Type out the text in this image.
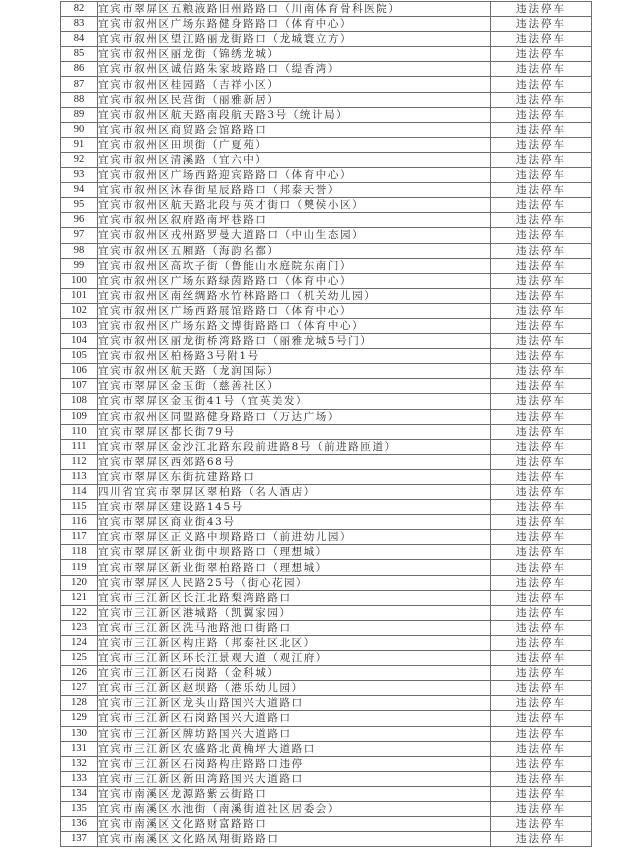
82	宜宾市翠屏区五粮液路旧州路路口（川南体育骨科医院）	违法停车
83	宜宾市叙州区广场东路健身路路口（体育中心）	违法停车
84	宜宾市叙州区望江路丽龙街路口（龙城寰立方）	违法停车
85	宜宾市叙州区丽龙街（锦绣龙城）	违法停车
86	宜宾市叙州区诚信路朱家坡路路口（缇香湾）	违法停车
87	宜宾市叙州区桂园路（吉祥小区）	违法停车
88	宜宾市叙州区民营街（丽雅新居）	违法停车
89	宜宾市叙州区航天路南段航天路3号（统计局）	违法停车
90	宜宾市叙州区商贸路会馆路路口	违法停车
91	宜宾市叙州区田坝街（广夏苑）	违法停车
92	宜宾市叙州区清溪路（宜六中）	违法停车
93	宜宾市叙州区广场西路迎宾路路口（体育中心）	违法停车
94	宜宾市叙州区沐春街星辰路路口（邦泰天誉）	违法停车
95	宜宾市叙州区航天路北段与英才街口（僰侯小区）	违法停车
96	宜宾市叙州区叙府路南坪巷路口	违法停车
97	宜宾市叙州区戎州路罗曼大道路口（中山生态园）	违法停车
98	宜宾市叙州区五厢路（海韵名都）	违法停车
99	宜宾市叙州区高坎子街（鲁能山水庭院东南门）	违法停车
100	宜宾市叙州区广场东路绿茵路路口（体育中心）	违法停车
101	宜宾市叙州区南丝绸路水竹林路路口（机关幼儿园）	违法停车
102	宜宾市叙州区广场西路展馆路路口（体育中心）	违法停车
103	宜宾市叙州区广场东路文博街路路口（体育中心）	违法停车
104	宜宾市叙州区丽龙街桥湾路路口（丽雅龙城5号门）	违法停车
105	宜宾市叙州区柏杨路3号附1号	违法停车
106	宜宾市叙州区航天路（龙润国际）	违法停车
107	宜宾市翠屏区金玉街（慈善社区）	违法停车
108	宜宾市翠屏区金玉街41号（宜英美发）	违法停车
109	宜宾市叙州区同盟路健身路路口（万达广场）	违法停车
110	宜宾市翠屏区都长街79号	违法停车
111	宜宾市翠屏区金沙江北路东段前进路8号（前进路匝道）	违法停车
112	宜宾市翠屏区西郊路68号	违法停车
113	宜宾市翠屏区东街抗建路路口	违法停车
114	四川省宜宾市翠屏区翠柏路（名人酒店）	违法停车
115	宜宾市翠屏区建设路145号	违法停车
116	宜宾市翠屏区商业街43号	违法停车
117	宜宾市翠屏区正义路中坝路路口（前进幼儿园）	违法停车
118	宜宾市翠屏区新业街中坝路路口（理想城）	违法停车
119	宜宾市翠屏区新业街翠柏路路口（理想城）	违法停车
120	宜宾市翠屏区人民路25号（街心花园）	违法停车
121	宜宾市三江新区长江北路梨湾路路口	违法停车
122	宜宾市三江新区港城路（凯翼家园）	违法停车
123	宜宾市三江新区洗马池路池口街路口	违法停车
124	宜宾市三江新区构庄路（邦泰社区北区）	违法停车
125	宜宾市三江新区环长江景观大道（观江府）	违法停车
126	宜宾市三江新区石岗路（金科城）	违法停车
127	宜宾市三江新区赵坝路（港乐幼儿园）	违法停车
128	宜宾市三江新区龙头山路国兴大道路口	违法停车
129	宜宾市三江新区石岗路国兴大道路口	违法停车
130	宜宾市三江新区牌坊路国兴大道路口	违法停车
131	宜宾市三江新区农盛路北黄桷坪大道路口	违法停车
132	宜宾市三江新区石岗路构庄路路口违停	违法停车
133	宜宾市三江新区新田湾路国兴大道路口	违法停车
134	宜宾市南溪区龙源路紫云街路口	违法停车
135	宜宾市南溪区水池街（南溪街道社区居委会）	违法停车
136	宜宾市南溪区文化路财富路路口	违法停车
137	宜宾市南溪区文化路凤翔街路路口	违法停车
